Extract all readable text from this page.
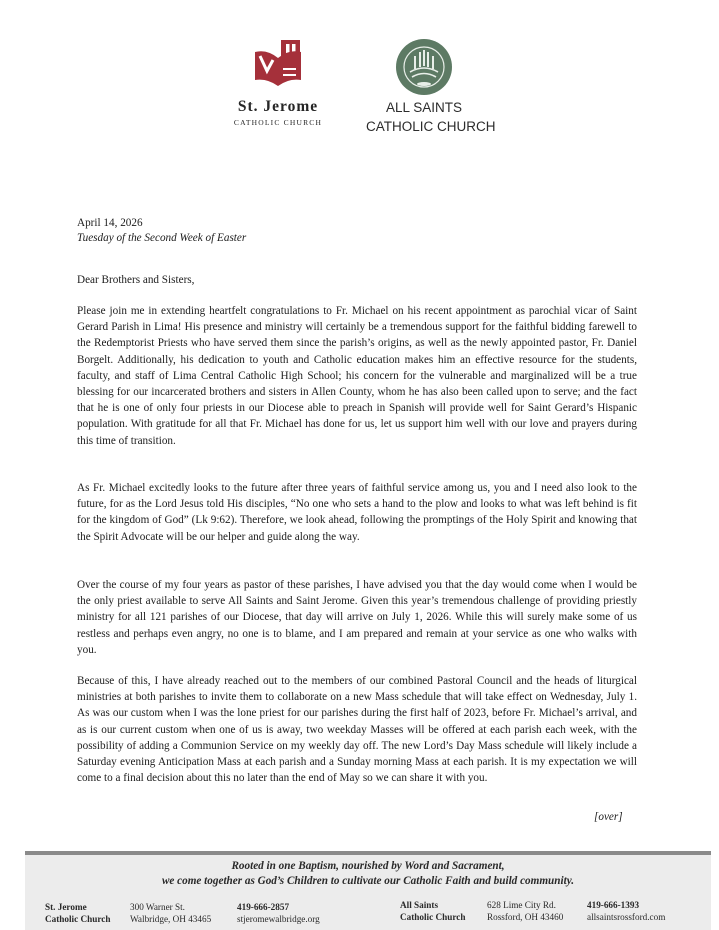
St. Jerome
CATHOLIC CHURCH
ALL SAINTS
CATHOLIC CHURCH
April 14, 2026
Tuesday of the Second Week of Easter
Dear Brothers and Sisters,

Please join me in extending heartfelt congratulations to Fr. Michael on his recent appointment as parochial vicar of Saint Gerard Parish in Lima! His presence and ministry will certainly be a tremendous support for the faithful bidding farewell to the Redemptorist Priests who have served them since the parish’s origins, as well as the newly appointed pastor, Fr. Daniel Borgelt. Additionally, his dedication to youth and Catholic education makes him an effective resource for the students, faculty, and staff of Lima Central Catholic High School; his concern for the vulnerable and marginalized will be a true blessing for our incarcerated brothers and sisters in Allen County, whom he has also been called upon to serve; and the fact that he is one of only four priests in our Diocese able to preach in Spanish will provide well for Saint Gerard’s Hispanic population. With gratitude for all that Fr. Michael has done for us, let us support him well with our love and prayers during this time of transition.

As Fr. Michael excitedly looks to the future after three years of faithful service among us, you and I need also look to the future, for as the Lord Jesus told His disciples, “No one who sets a hand to the plow and looks to what was left behind is fit for the kingdom of God” (Lk 9:62). Therefore, we look ahead, following the promptings of the Holy Spirit and knowing that the Spirit Advocate will be our helper and guide along the way.

Over the course of my four years as pastor of these parishes, I have advised you that the day would come when I would be the only priest available to serve All Saints and Saint Jerome. Given this year’s tremendous challenge of providing priestly ministry for all 121 parishes of our Diocese, that day will arrive on July 1, 2026. While this will surely make some of us restless and perhaps even angry, no one is to blame, and I am prepared and remain at your service as one who walks with you.

Because of this, I have already reached out to the members of our combined Pastoral Council and the heads of liturgical ministries at both parishes to invite them to collaborate on a new Mass schedule that will take effect on Wednesday, July 1. As was our custom when I was the lone priest for our parishes during the first half of 2023, before Fr. Michael’s arrival, and as is our current custom when one of us is away, two weekday Masses will be offered at each parish each week, with the possibility of adding a Communion Service on my weekly day off. The new Lord’s Day Mass schedule will likely include a Saturday evening Anticipation Mass at each parish and a Sunday morning Mass at each parish. It is my expectation we will come to a final decision about this no later than the end of May so we can share it with you.

[over]
Rooted in one Baptism, nourished by Word and Sacrament,
we come together as God’s Children to cultivate our Catholic Faith and build community.
St. Jerome
Catholic Church
300 Warner St.
Walbridge, OH 43465
419-666-2857
stjeromewalbridge.org
All Saints
Catholic Church
628 Lime City Rd.
Rossford, OH 43460
419-666-1393
allsaintsrossford.com
